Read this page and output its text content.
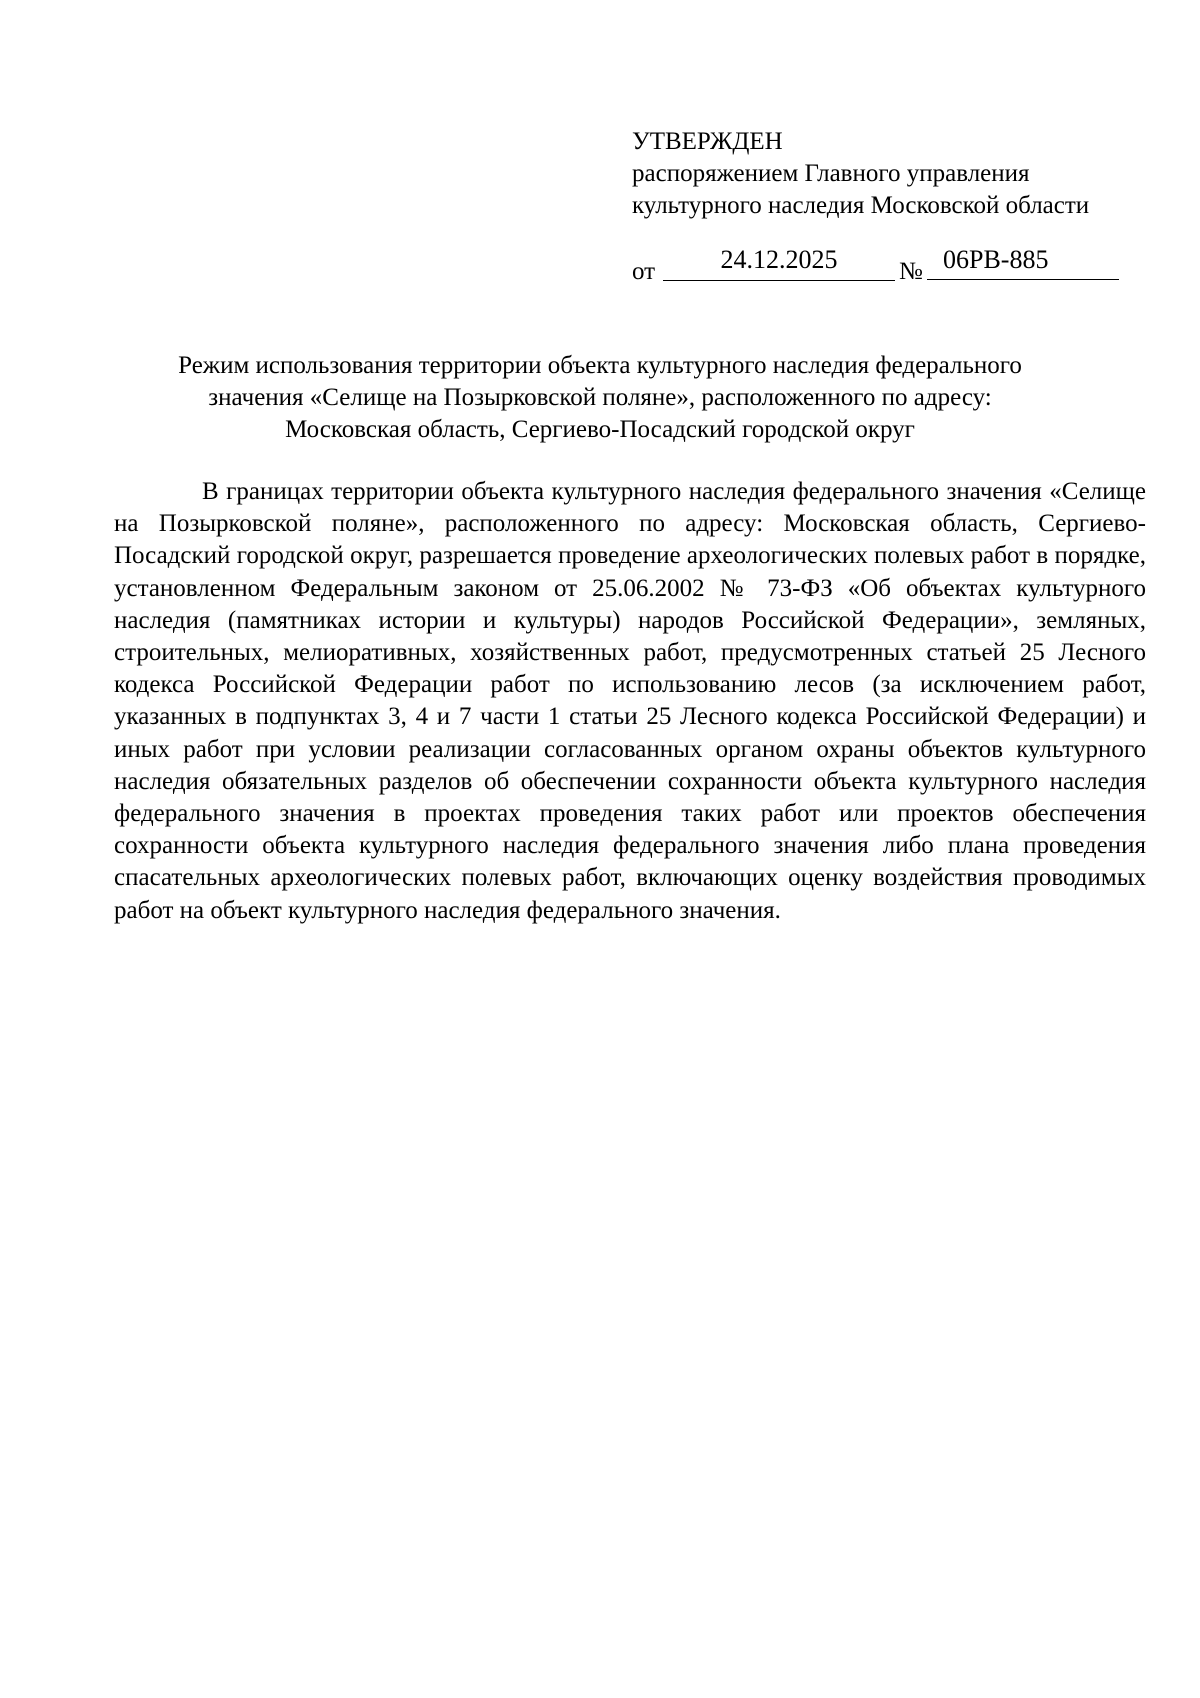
УТВЕРЖДЕН
распоряжением Главного управления
культурного наследия Московской области
от	24.12.2025	№ 06РВ-885
Режим использования территории объекта культурного наследия федерального
значения «Селище на Позырковской поляне», расположенного по адресу:
Московская область, Сергиево-Посадский городской округ

В границах территории объекта культурного наследия федерального значения «Селище на Позырковской поляне», расположенного по адресу: Московская область, Сергиево-Посадский городской округ, разрешается проведение археологических полевых работ в порядке, установленном Федеральным законом от 25.06.2002 № 73-ФЗ «Об объектах культурного наследия (памятниках истории и культуры) народов Российской Федерации», земляных, строительных, мелиоративных, хозяйственных работ, предусмотренных статьей 25 Лесного кодекса Российской Федерации работ по использованию лесов (за исключением работ, указанных в подпунктах 3, 4 и 7 части 1 статьи 25 Лесного кодекса Российской Федерации) и иных работ при условии реализации согласованных органом охраны объектов культурного наследия обязательных разделов об обеспечении сохранности объекта культурного наследия федерального значения в проектах проведения таких работ или проектов обеспечения сохранности объекта культурного наследия федерального значения либо плана проведения спасательных археологических полевых работ, включающих оценку воздействия проводимых работ на объект культурного наследия федерального значения.
